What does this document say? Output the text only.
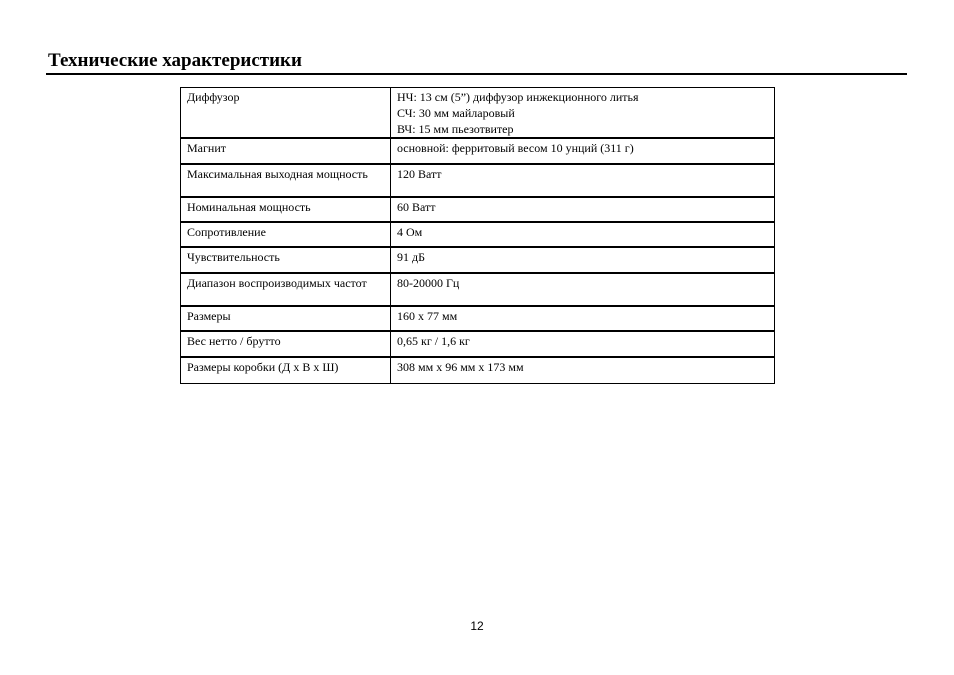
Технические характеристики
Диффузор	НЧ: 13 см (5”) диффузор инжекционного литья
СЧ: 30 мм майларовый
ВЧ: 15 мм пьезотвитер

Магнит	основной: ферритовый весом 10 унций (311 г)

Максимальная выходная мощность	120 Ватт

Номинальная мощность	60 Ватт

Сопротивление	4 Ом

Чувствительность	91 дБ

Диапазон воспроизводимых частот	80-20000 Гц

Размеры	160 х 77 мм

Вес нетто / брутто	0,65 кг / 1,6 кг

Размеры коробки (Д х В х Ш)	308 мм х 96 мм х 173 мм
12
